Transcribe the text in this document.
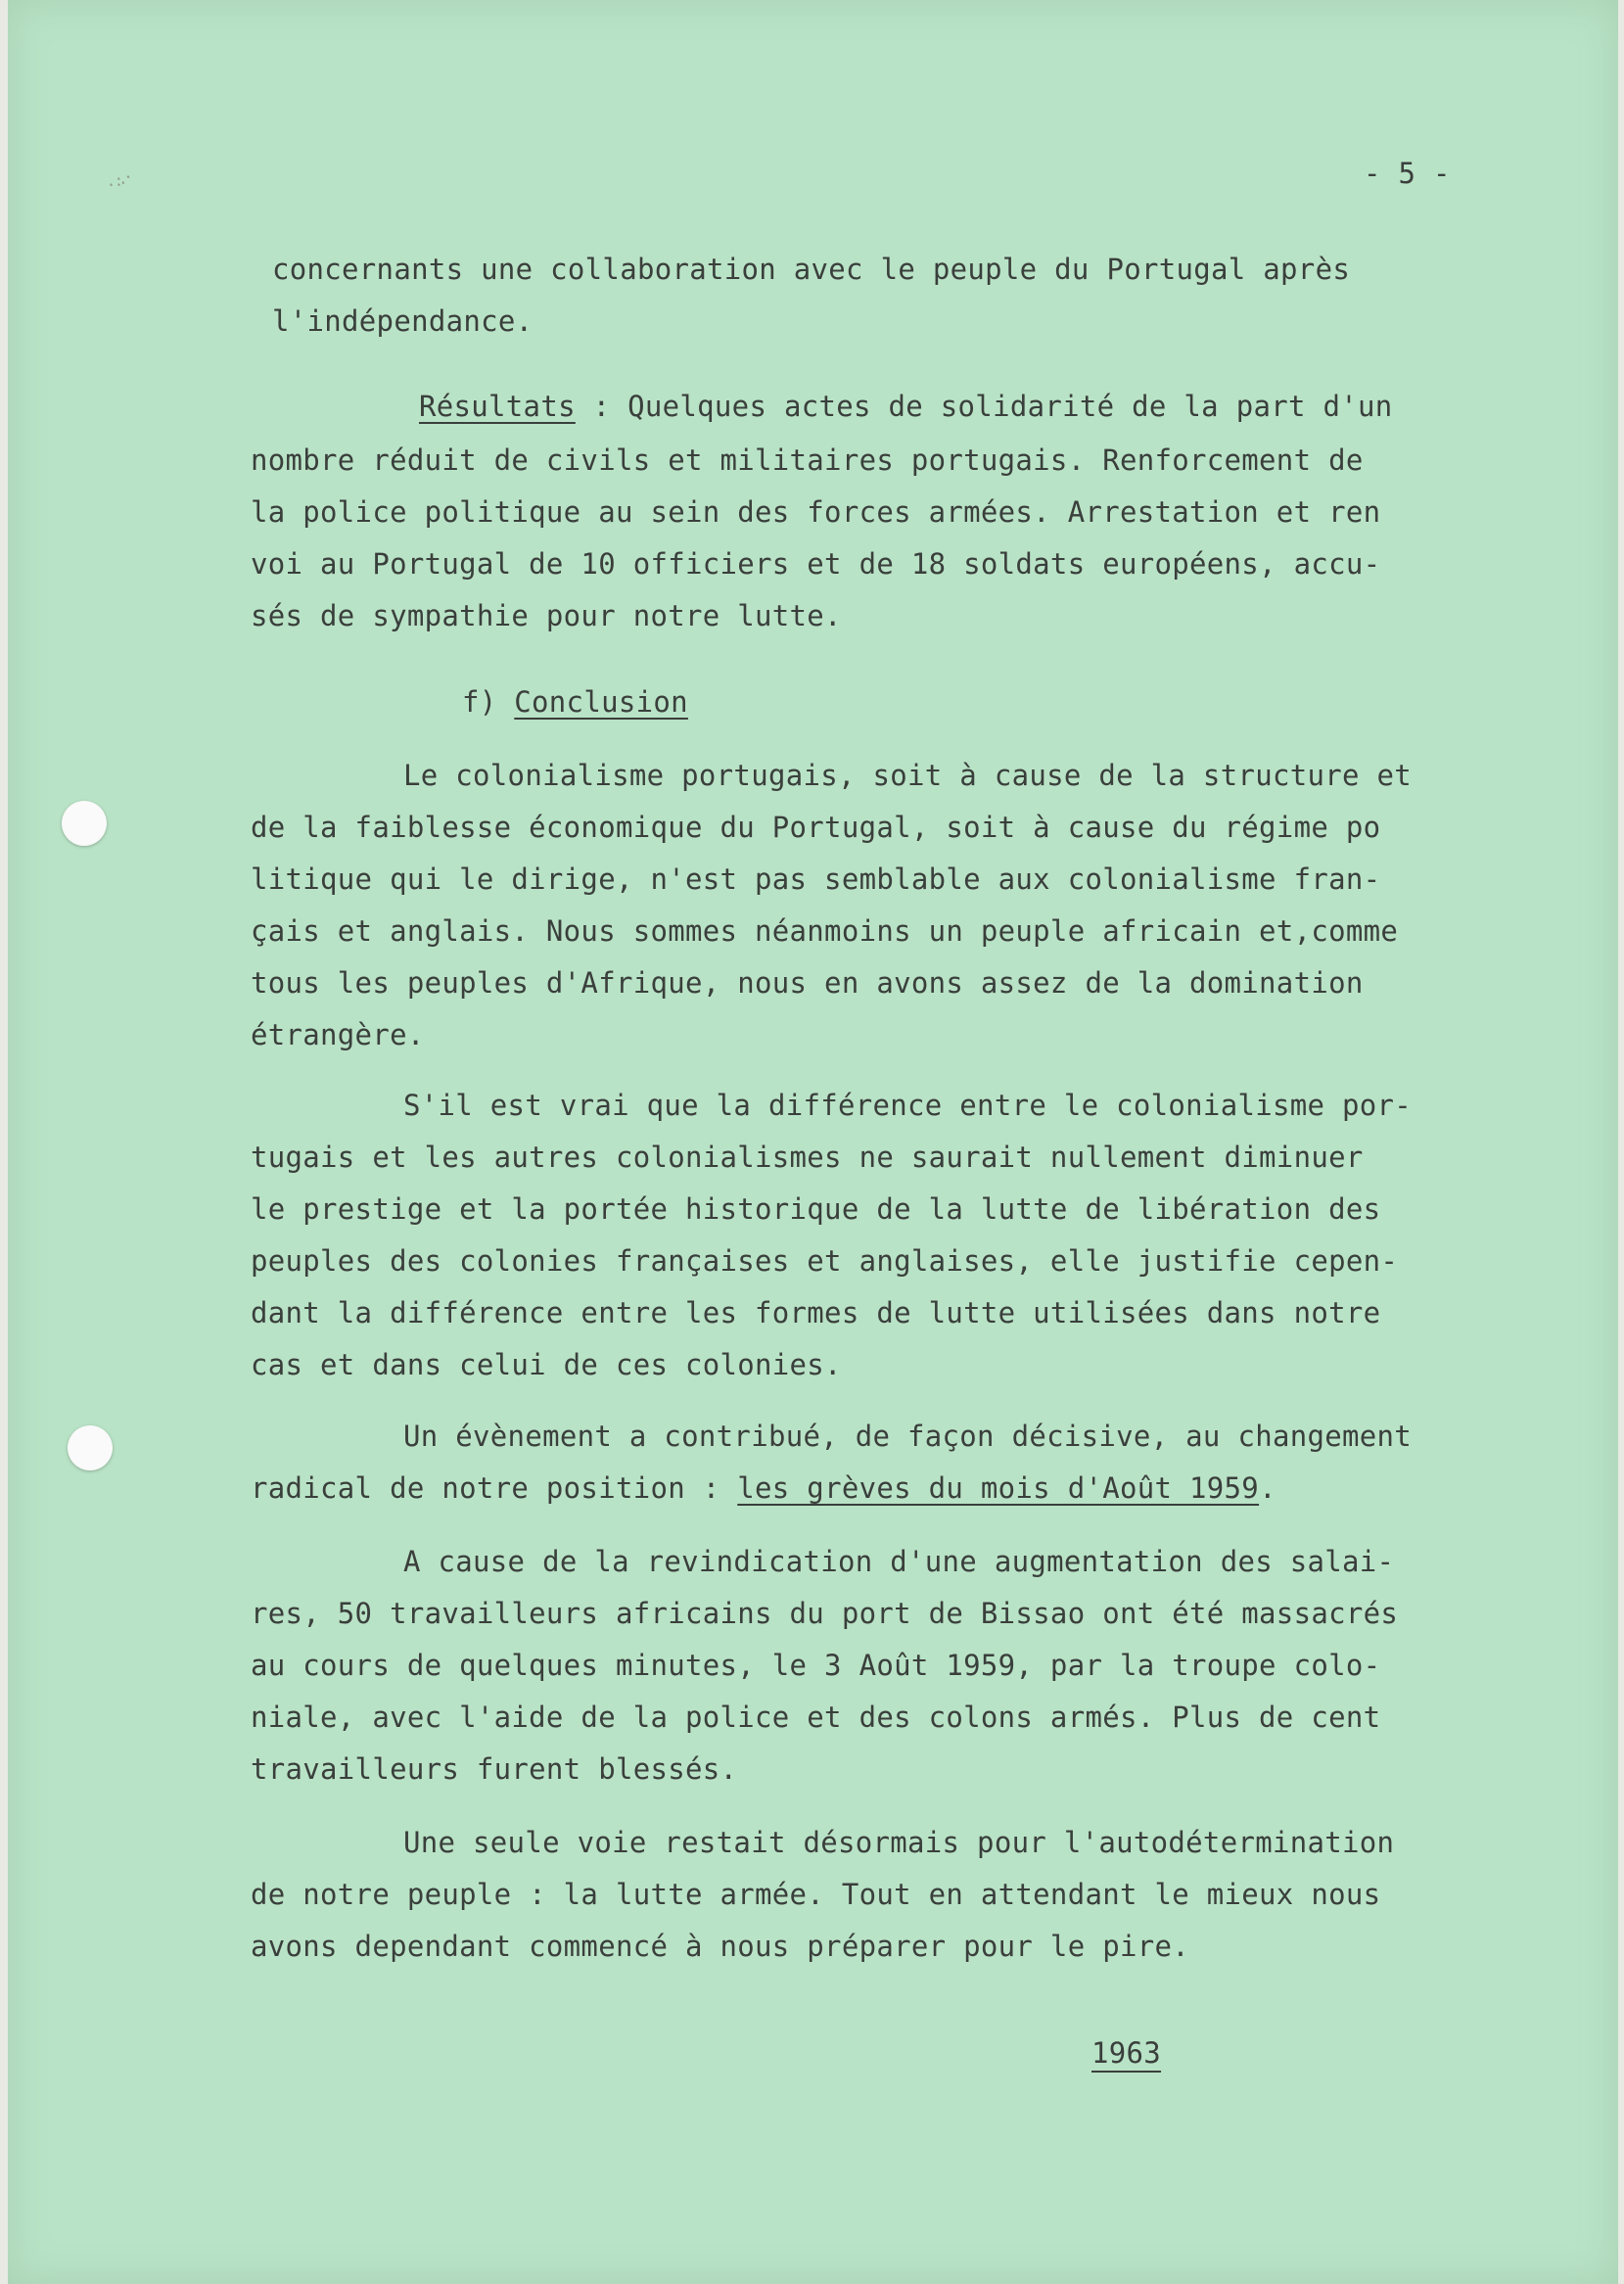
·∴·	- 5 -
concernants une collaboration avec le peuple du Portugal après
l'indépendance.
Résultats : Quelques actes de solidarité de la part d'un
nombre réduit de civils et militaires portugais. Renforcement de
la police politique au sein des forces armées. Arrestation et ren
voi au Portugal de 10 officiers et de 18 soldats européens, accu-
sés de sympathie pour notre lutte.
f) Conclusion
Le colonialisme portugais, soit à cause de la structure et
de la faiblesse économique du Portugal, soit à cause du régime po
litique qui le dirige, n'est pas semblable aux colonialisme fran-
çais et anglais. Nous sommes néanmoins un peuple africain et,comme
tous les peuples d'Afrique, nous en avons assez de la domination
étrangère.
S'il est vrai que la différence entre le colonialisme por-
tugais et les autres colonialismes ne saurait nullement diminuer
le prestige et la portée historique de la lutte de libération des
peuples des colonies françaises et anglaises, elle justifie cepen-
dant la différence entre les formes de lutte utilisées dans notre
cas et dans celui de ces colonies.
Un évènement a contribué, de façon décisive, au changement
radical de notre position : les grèves du mois d'Août 1959.
A cause de la revindication d'une augmentation des salai-
res, 50 travailleurs africains du port de Bissao ont été massacrés
au cours de quelques minutes, le 3 Août 1959, par la troupe colo-
niale, avec l'aide de la police et des colons armés. Plus de cent
travailleurs furent blessés.
Une seule voie restait désormais pour l'autodétermination
de notre peuple : la lutte armée. Tout en attendant le mieux nous
avons dependant commencé à nous préparer pour le pire.
1963
